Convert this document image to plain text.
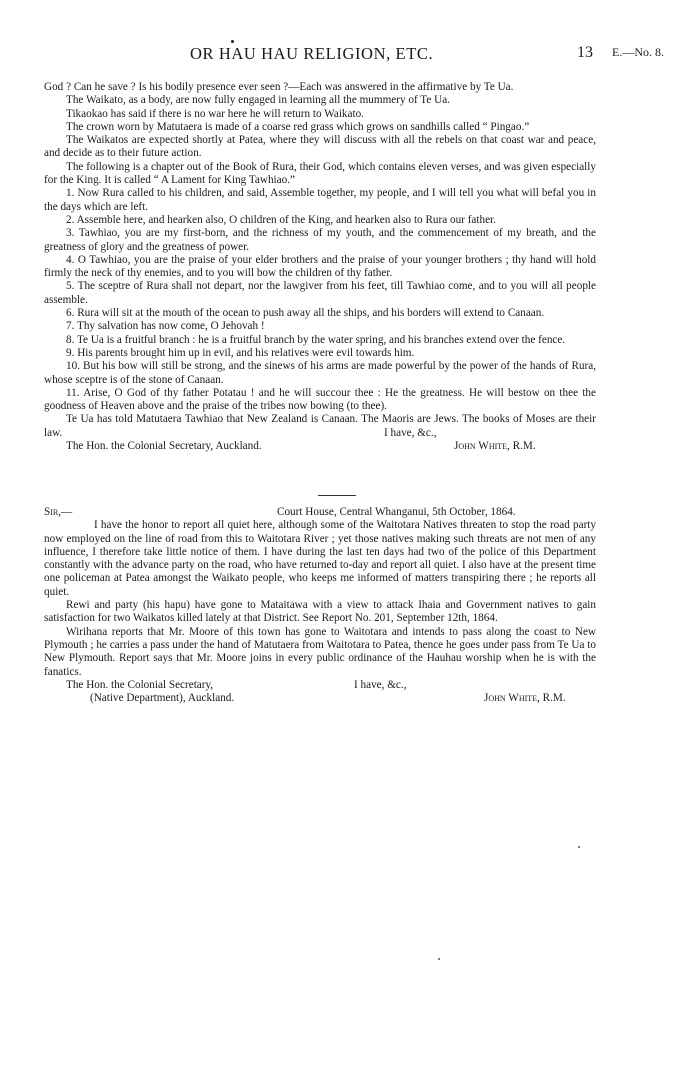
OR HAU HAU RELIGION, ETC.	13 E.—No. 8.

God ? Can he save ? Is his bodily presence ever seen ?—Each was answered in the affirmative by Te Ua.

The Waikato, as a body, are now fully engaged in learning all the mummery of Te Ua.

Tikaokao has said if there is no war here he will return to Waikato.

The crown worn by Matutaera is made of a coarse red grass which grows on sandhills called “ Pingao.”

The Waikatos are expected shortly at Patea, where they will discuss with all the rebels on that coast war and peace, and decide as to their future action.

The following is a chapter out of the Book of Rura, their God, which contains eleven verses, and was given especially for the King. It is called “ A Lament for King Tawhiao.”

1. Now Rura called to his children, and said, Assemble together, my people, and I will tell you what will befal you in the days which are left.

2. Assemble here, and hearken also, O children of the King, and hearken also to Rura our father.

3. Tawhiao, you are my first-born, and the richness of my youth, and the commencement of my breath, and the greatness of glory and the greatness of power.

4. O Tawhiao, you are the praise of your elder brothers and the praise of your younger brothers ; thy hand will hold firmly the neck of thy enemies, and to you will bow the children of thy father.

5. The sceptre of Rura shall not depart, nor the lawgiver from his feet, till Tawhiao come, and to you will all people assemble.

6. Rura will sit at the mouth of the ocean to push away all the ships, and his borders will extend to Canaan.

7. Thy salvation has now come, O Jehovah !

8. Te Ua is a fruitful branch : he is a fruitful branch by the water spring, and his branches extend over the fence.

9. His parents brought him up in evil, and his relatives were evil towards him.

10. But his bow will still be strong, and the sinews of his arms are made powerful by the power of the hands of Rura, whose sceptre is of the stone of Canaan.

11. Arise, O God of thy father Potatau ! and he will succour thee : He the greatness. He will bestow on thee the goodness of Heaven above and the praise of the tribes now bowing (to thee).

Te Ua has told Matutaera Tawhiao that New Zealand is Canaan. The Maoris are Jews. The books of Moses are their law.

The Hon. the Colonial Secretary, Auckland.
I have, &c.,
John White, R.M.
Sir,—	Court House, Central Whanganui, 5th October, 1864.

I have the honor to report all quiet here, although some of the Waitotara Natives threaten to stop the road party now employed on the line of road from this to Waitotara River ; yet those natives making such threats are not men of any influence, I therefore take little notice of them. I have during the last ten days had two of the police of this Department constantly with the advance party on the road, who have returned to-day and report all quiet. I also have at the present time one policeman at Patea amongst the Waikato people, who keeps me informed of matters transpiring there ; he reports all quiet.

Rewi and party (his hapu) have gone to Mataitawa with a view to attack Ihaia and Government natives to gain satisfaction for two Waikatos killed lately at that District. See Report No. 201, September 12th, 1864.

Wirihana reports that Mr. Moore of this town has gone to Waitotara and intends to pass along the coast to New Plymouth ; he carries a pass under the hand of Matutaera from Waitotara to Patea, thence he goes under pass from Te Ua to New Plymouth. Report says that Mr. Moore joins in every public ordinance of the Hauhau worship when he is with the fanatics.

The Hon. the Colonial Secretary,	I have, &c.,
(Native Department), Auckland.	John White, R.M.
